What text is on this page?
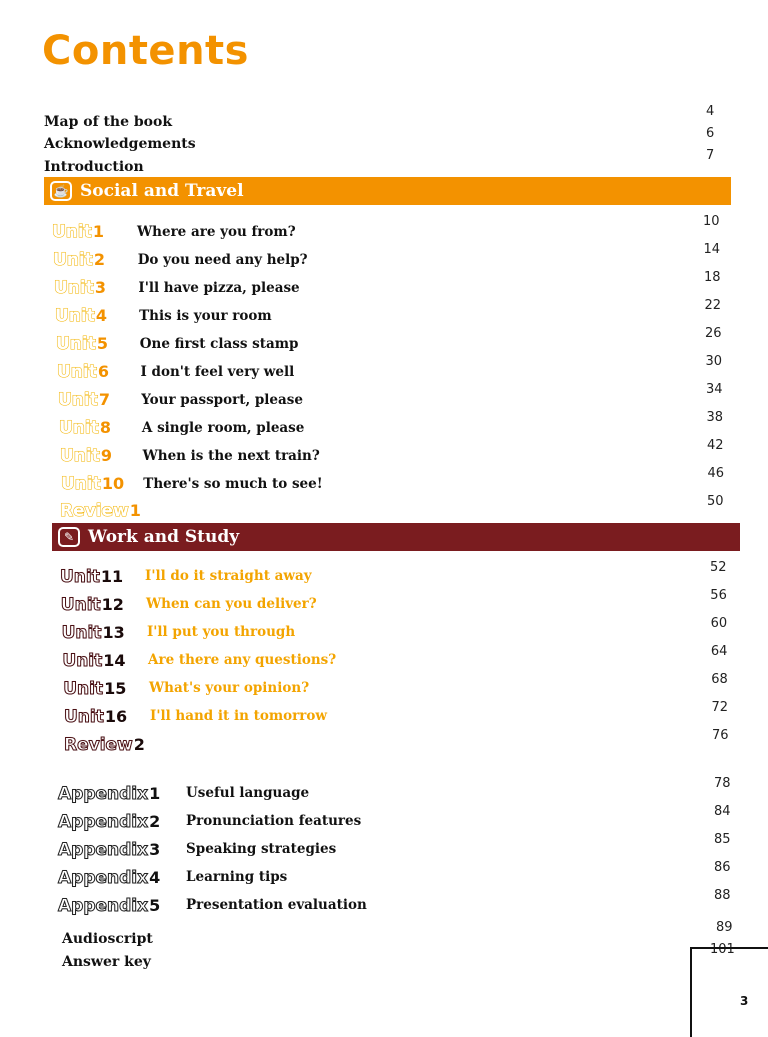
Contents
Map of the book
Acknowledgements
Introduction
4
6
7
☕ Social and Travel
Unit 1 Where are you from?
10
Unit 2 Do you need any help?
14
Unit 3 I'll have pizza, please
18
Unit 4 This is your room
22
Unit 5 One first class stamp
26
Unit 6 I don't feel very well
30
Unit 7 Your passport, please
34
Unit 8 A single room, please
38
Unit 9 When is the next train?
42
Unit 10 There's so much to see!
46
Review 1	50
✎ Work and Study
Unit 11 I'll do it straight away
52
Unit 12 When can you deliver?
56
Unit 13 I'll put you through
60
Unit 14 Are there any questions?
64
Unit 15 What's your opinion?
68
Unit 16 I'll hand it in tomorrow
72
Review 2	76
Appendix 1 Useful language
78
Appendix 2 Pronunciation features
84
Appendix 3 Speaking strategies
85
Appendix 4 Learning tips
86
Appendix 5 Presentation evaluation
88
Audioscript
Answer key
89
101
3
